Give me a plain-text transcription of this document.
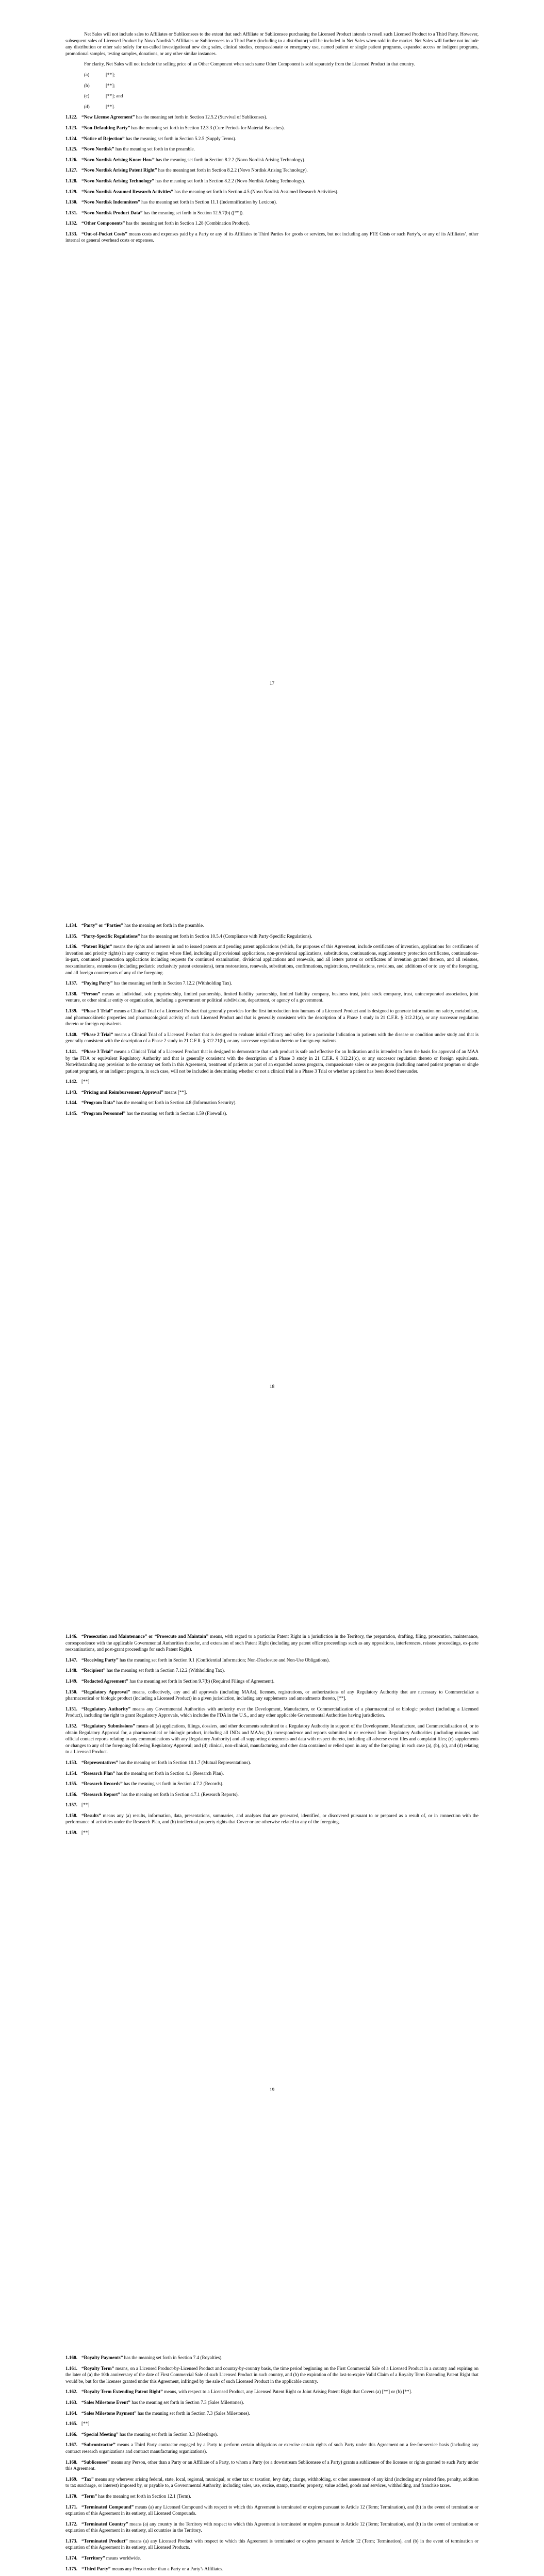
Net Sales will not include sales to Affiliates or Sublicensees to the extent that such Affiliate or Sublicensee purchasing the Licensed Product intends to resell such Licensed Product to a Third Party. However, subsequent sales of Licensed Product by Novo Nordisk’s Affiliates or Sublicensees to a Third Party (including to a distributor) will be included in Net Sales when sold in the market. Net Sales will further not include any distribution or other sale solely for un-called investigational new drug sales, clinical studies, compassionate or emergency use, named patient or single patient programs, expanded access or indigent programs, promotional samples, testing samples, donations, or any other similar instances.

For clarity, Net Sales will not include the selling price of an Other Component when such same Other Component is sold separately from the Licensed Product in that country.

(a)	[**];
(b)	[**];
(c)	[**]; and
(d)	[**].

1.122. “New License Agreement” has the meaning set forth in Section 12.5.2 (Survival of Sublicenses).

1.123. “Non-Defaulting Party” has the meaning set forth in Section 12.3.3 (Cure Periods for Material Breaches).

1.124. “Notice of Rejection” has the meaning set forth in Section 5.2.5 (Supply Terms).

1.125. “Novo Nordisk” has the meaning set forth in the preamble.

1.126. “Novo Nordisk Arising Know-How” has the meaning set forth in Section 8.2.2 (Novo Nordisk Arising Technology).

1.127. “Novo Nordisk Arising Patent Right” has the meaning set forth in Section 8.2.2 (Novo Nordisk Arising Technology).

1.128. “Novo Nordisk Arising Technology” has the meaning set forth in Section 8.2.2 (Novo Nordisk Arising Technology).

1.129. “Novo Nordisk Assumed Research Activities” has the meaning set forth in Section 4.5 (Novo Nordisk Assumed Research Activities).

1.130. “Novo Nordisk Indemnitees” has the meaning set forth in Section 11.1 (Indemnification by Lexicon).

1.131. “Novo Nordisk Product Data” has the meaning set forth in Section 12.5.7(b) ([**]).

1.132. “Other Components” has the meaning set forth in Section 1.28 (Combination Product).

1.133. “Out-of-Pocket Costs” means costs and expenses paid by a Party or any of its Affiliates to Third Parties for goods or services, but not including any FTE Costs or such Party’s, or any of its Affiliates’, other internal or general overhead costs or expenses.

17

1.134. “Party” or “Parties” has the meaning set forth in the preamble.

1.135. “Party-Specific Regulations” has the meaning set forth in Section 10.5.4 (Compliance with Party-Specific Regulations).

1.136. “Patent Right” means the rights and interests in and to issued patents and pending patent applications (which, for purposes of this Agreement, include certificates of invention, applications for certificates of invention and priority rights) in any country or region where filed, including all provisional applications, non-provisional applications, substitutions, continuations, supplementary protection certificates, continuations-in-part, continued prosecution applications including requests for continued examination, divisional applications and renewals, and all letters patent or certificates of invention granted thereon, and all reissues, reexaminations, extensions (including pediatric exclusivity patent extensions), term restorations, renewals, substitutions, confirmations, registrations, revalidations, revisions, and additions of or to any of the foregoing, and all foreign counterparts of any of the foregoing.

1.137. “Paying Party” has the meaning set forth in Section 7.12.2 (Withholding Tax).

1.138. “Person” means an individual, sole proprietorship, limited partnership, limited liability partnership, limited liability company, business trust, joint stock company, trust, unincorporated association, joint venture, or other similar entity or organization, including a government or political subdivision, department, or agency of a government.

1.139. “Phase 1 Trial” means a Clinical Trial of a Licensed Product that generally provides for the first introduction into humans of a Licensed Product and is designed to generate information on safety, metabolism, and pharmacokinetic properties and pharmacological activity of such Licensed Product and that is generally consistent with the description of a Phase 1 study in 21 C.F.R. § 312.21(a), or any successor regulation thereto or foreign equivalents.

1.140. “Phase 2 Trial” means a Clinical Trial of a Licensed Product that is designed to evaluate initial efficacy and safety for a particular Indication in patients with the disease or condition under study and that is generally consistent with the description of a Phase 2 study in 21 C.F.R. § 312.21(b), or any successor regulation thereto or foreign equivalents.

1.141. “Phase 3 Trial” means a Clinical Trial of a Licensed Product that is designed to demonstrate that such product is safe and effective for an Indication and is intended to form the basis for approval of an MAA by the FDA or equivalent Regulatory Authority and that is generally consistent with the description of a Phase 3 study in 21 C.F.R. § 312.21(c), or any successor regulation thereto or foreign equivalents. Notwithstanding any provision to the contrary set forth in this Agreement, treatment of patients as part of an expanded access program, compassionate sales or use program (including named patient program or single patient program), or an indigent program, in each case, will not be included in determining whether or not a clinical trial is a Phase 3 Trial or whether a patient has been dosed thereunder.

1.142. [**]

1.143. “Pricing and Reimbursement Approval” means [**].

1.144. “Program Data” has the meaning set forth in Section 4.8 (Information Security).

1.145. “Program Personnel” has the meaning set forth in Section 1.59 (Firewalls).

18

1.146. “Prosecution and Maintenance” or “Prosecute and Maintain” means, with regard to a particular Patent Right in a jurisdiction in the Territory, the preparation, drafting, filing, prosecution, maintenance, correspondence with the applicable Governmental Authorities therefor, and extension of such Patent Right (including any patent office proceedings such as any oppositions, interferences, reissue proceedings, ex-parte reexaminations, and post-grant proceedings for such Patent Right).

1.147. “Receiving Party” has the meaning set forth in Section 9.1 (Confidential Information; Non-Disclosure and Non-Use Obligations).

1.148. “Recipient” has the meaning set forth in Section 7.12.2 (Withholding Tax).

1.149. “Redacted Agreement” has the meaning set forth in Section 9.7(b) (Required Filings of Agreement).

1.150. “Regulatory Approval” means, collectively, any and all approvals (including MAAs), licenses, registrations, or authorizations of any Regulatory Authority that are necessary to Commercialize a pharmaceutical or biologic product (including a Licensed Product) in a given jurisdiction, including any supplements and amendments thereto, [**].

1.151. “Regulatory Authority” means any Governmental Authorities with authority over the Development, Manufacture, or Commercialization of a pharmaceutical or biologic product (including a Licensed Product), including the right to grant Regulatory Approvals, which includes the FDA in the U.S., and any other applicable Governmental Authorities having jurisdiction.

1.152. “Regulatory Submissions” means all (a) applications, filings, dossiers, and other documents submitted to a Regulatory Authority in support of the Development, Manufacture, and Commercialization of, or to obtain Regulatory Approval for, a pharmaceutical or biologic product, including all INDs and MAAs; (b) correspondence and reports submitted to or received from Regulatory Authorities (including minutes and official contact reports relating to any communications with any Regulatory Authority) and all supporting documents and data with respect thereto, including all adverse event files and complaint files; (c) supplements or changes to any of the foregoing following Regulatory Approval; and (d) clinical, non-clinical, manufacturing, and other data contained or relied upon in any of the foregoing; in each case (a), (b), (c), and (d) relating to a Licensed Product.

1.153. “Representatives” has the meaning set forth in Section 10.1.7 (Mutual Representations).

1.154. “Research Plan” has the meaning set forth in Section 4.1 (Research Plan).

1.155. “Research Records” has the meaning set forth in Section 4.7.2 (Records).

1.156. “Research Report” has the meaning set forth in Section 4.7.1 (Research Reports).

1.157. [**]

1.158. “Results” means any (a) results, information, data, presentations, summaries, and analyses that are generated, identified, or discovered pursuant to or prepared as a result of, or in connection with the performance of activities under the Research Plan, and (b) intellectual property rights that Cover or are otherwise related to any of the foregoing.

1.159. [**]

19

1.160. “Royalty Payments” has the meaning set forth in Section 7.4 (Royalties).

1.161. “Royalty Term” means, on a Licensed Product-by-Licensed Product and country-by-country basis, the time period beginning on the First Commercial Sale of a Licensed Product in a country and expiring on the later of (a) the 10th anniversary of the date of First Commercial Sale of such Licensed Product in such country, and (b) the expiration of the last-to-expire Valid Claim of a Royalty Term Extending Patent Right that would be, but for the licenses granted under this Agreement, infringed by the sale of such Licensed Product in the applicable country.

1.162. “Royalty Term Extending Patent Right” means, with respect to a Licensed Product, any Licensed Patent Right or Joint Arising Patent Right that Covers (a) [**] or (b) [**].

1.163. “Sales Milestone Event” has the meaning set forth in Section 7.3 (Sales Milestones).

1.164. “Sales Milestone Payment” has the meaning set forth in Section 7.3 (Sales Milestones).

1.165. [**]

1.166. “Special Meeting” has the meaning set forth in Section 3.3 (Meetings).

1.167. “Subcontractor” means a Third Party contractor engaged by a Party to perform certain obligations or exercise certain rights of such Party under this Agreement on a fee-for-service basis (including any contract research organizations and contract manufacturing organizations).

1.168. “Sublicensee” means any Person, other than a Party or an Affiliate of a Party, to whom a Party (or a downstream Sublicensee of a Party) grants a sublicense of the licenses or rights granted to such Party under this Agreement.

1.169. “Tax” means any wherever arising federal, state, local, regional, municipal, or other tax or taxation, levy duty, charge, withholding, or other assessment of any kind (including any related fine, penalty, addition to tax surcharge, or interest) imposed by, or payable to, a Governmental Authority, including sales, use, excise, stamp, transfer, property, value added, goods and services, withholding, and franchise taxes.

1.170. “Term” has the meaning set forth in Section 12.1 (Term).

1.171. “Terminated Compound” means (a) any Licensed Compound with respect to which this Agreement is terminated or expires pursuant to Article 12 (Term; Termination), and (b) in the event of termination or expiration of this Agreement in its entirety, all Licensed Compounds.

1.172. “Terminated Country” means (a) any country in the Territory with respect to which this Agreement is terminated or expires pursuant to Article 12 (Term; Termination), and (b) in the event of termination or expiration of this Agreement in its entirety, all countries in the Territory.

1.173. “Terminated Product” means (a) any Licensed Product with respect to which this Agreement is terminated or expires pursuant to Article 12 (Term; Termination), and (b) in the event of termination or expiration of this Agreement in its entirety, all Licensed Products.

1.174. “Territory” means worldwide.

1.175. “Third Party” means any Person other than a Party or a Party’s Affiliates.
